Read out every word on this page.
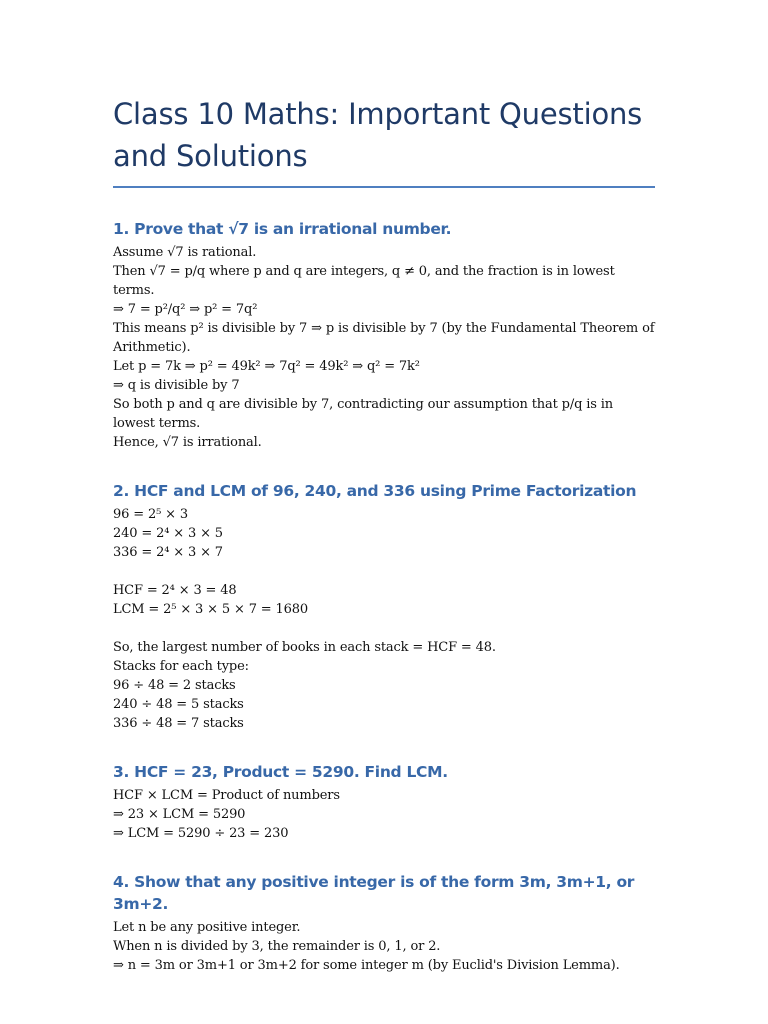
Class 10 Maths: Important Questions and Solutions
1. Prove that √7 is an irrational number.
Assume √7 is rational.
Then √7 = p/q where p and q are integers, q ≠ 0, and the fraction is in lowest terms.
⇒ 7 = p²/q² ⇒ p² = 7q²
This means p² is divisible by 7 ⇒ p is divisible by 7 (by the Fundamental Theorem of
Arithmetic).
Let p = 7k ⇒ p² = 49k² ⇒ 7q² = 49k² ⇒ q² = 7k²
⇒ q is divisible by 7
So both p and q are divisible by 7, contradicting our assumption that p/q is in lowest terms.
Hence, √7 is irrational.
2. HCF and LCM of 96, 240, and 336 using Prime Factorization
96 = 2⁵ × 3
240 = 2⁴ × 3 × 5
336 = 2⁴ × 3 × 7
HCF = 2⁴ × 3 = 48
LCM = 2⁵ × 3 × 5 × 7 = 1680
So, the largest number of books in each stack = HCF = 48.
Stacks for each type:
96 ÷ 48 = 2 stacks
240 ÷ 48 = 5 stacks
336 ÷ 48 = 7 stacks
3. HCF = 23, Product = 5290. Find LCM.
HCF × LCM = Product of numbers
⇒ 23 × LCM = 5290
⇒ LCM = 5290 ÷ 23 = 230
4. Show that any positive integer is of the form 3m, 3m+1, or 3m+2.
Let n be any positive integer.
When n is divided by 3, the remainder is 0, 1, or 2.
⇒ n = 3m or 3m+1 or 3m+2 for some integer m (by Euclid's Division Lemma).
